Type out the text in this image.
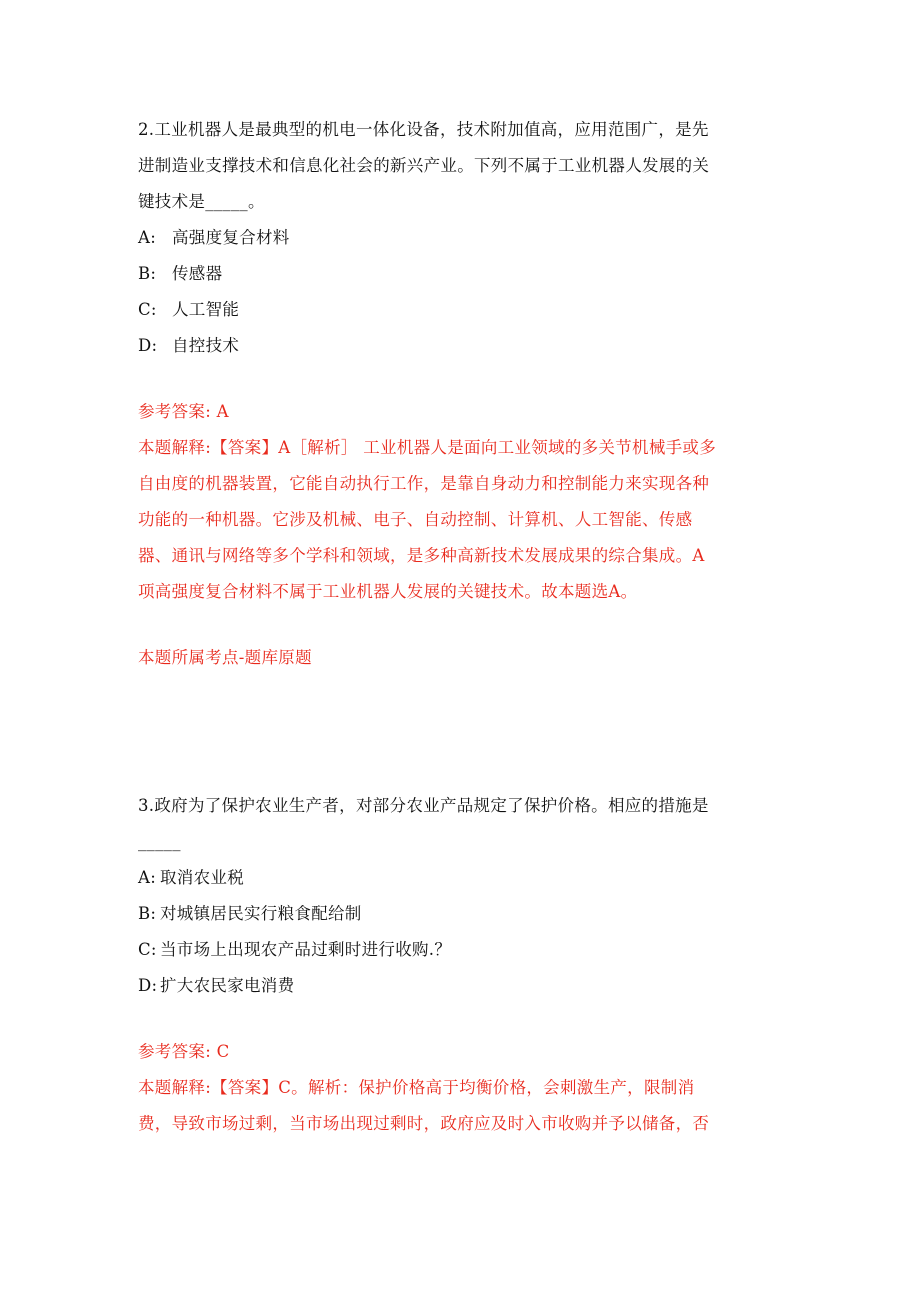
2.工业机器人是最典型的机电一体化设备，技术附加值高，应用范围广，是先
进制造业支撑技术和信息化社会的新兴产业。下列不属于工业机器人发展的关
键技术是_____。
A: 高强度复合材料
B: 传感器
C: 人工智能
D: 自控技术
参考答案: A
本题解释:【答案】A［解析］ 工业机器人是面向工业领域的多关节机械手或多
自由度的机器装置，它能自动执行工作，是靠自身动力和控制能力来实现各种
功能的一种机器。它涉及机械、电子、自动控制、计算机、人工智能、传感
器、通讯与网络等多个学科和领域，是多种高新技术发展成果的综合集成。A
项高强度复合材料不属于工业机器人发展的关键技术。故本题选A。
本题所属考点-题库原题
3.政府为了保护农业生产者，对部分农业产品规定了保护价格。相应的措施是
_____
A: 取消农业税
B: 对城镇居民实行粮食配给制
C: 当市场上出现农产品过剩时进行收购.？
D: 扩大农民家电消费
参考答案: C
本题解释:【答案】C。解析：保护价格高于均衡价格，会刺激生产，限制消
费，导致市场过剩，当市场出现过剩时，政府应及时入市收购并予以储备，否
